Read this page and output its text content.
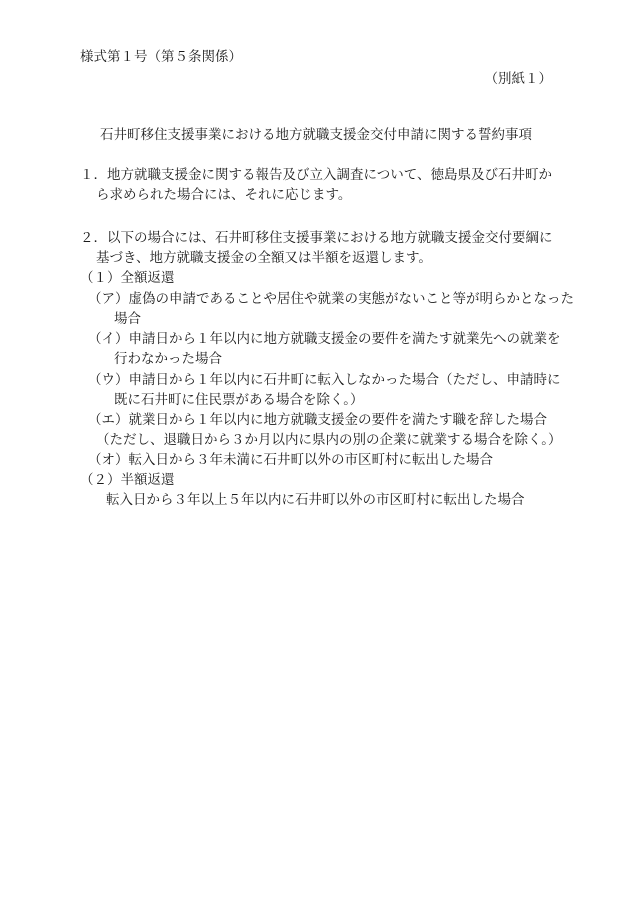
様式第１号（第５条関係）
（別紙１）
石井町移住支援事業における地方就職支援金交付申請に関する誓約事項
１．地方就職支援金に関する報告及び立入調査について、徳島県及び石井町か
ら求められた場合には、それに応じます。
２．以下の場合には、石井町移住支援事業における地方就職支援金交付要綱に
基づき、地方就職支援金の全額又は半額を返還します。
（１）全額返還
（ア）虚偽の申請であることや居住や就業の実態がないこと等が明らかとなった
場合
（イ）申請日から１年以内に地方就職支援金の要件を満たす就業先への就業を
行わなかった場合
（ウ）申請日から１年以内に石井町に転入しなかった場合（ただし、申請時に
既に石井町に住民票がある場合を除く。）
（エ）就業日から１年以内に地方就職支援金の要件を満たす職を辞した場合
（ただし、退職日から３か月以内に県内の別の企業に就業する場合を除く。）
（オ）転入日から３年未満に石井町以外の市区町村に転出した場合
（２）半額返還
転入日から３年以上５年以内に石井町以外の市区町村に転出した場合
